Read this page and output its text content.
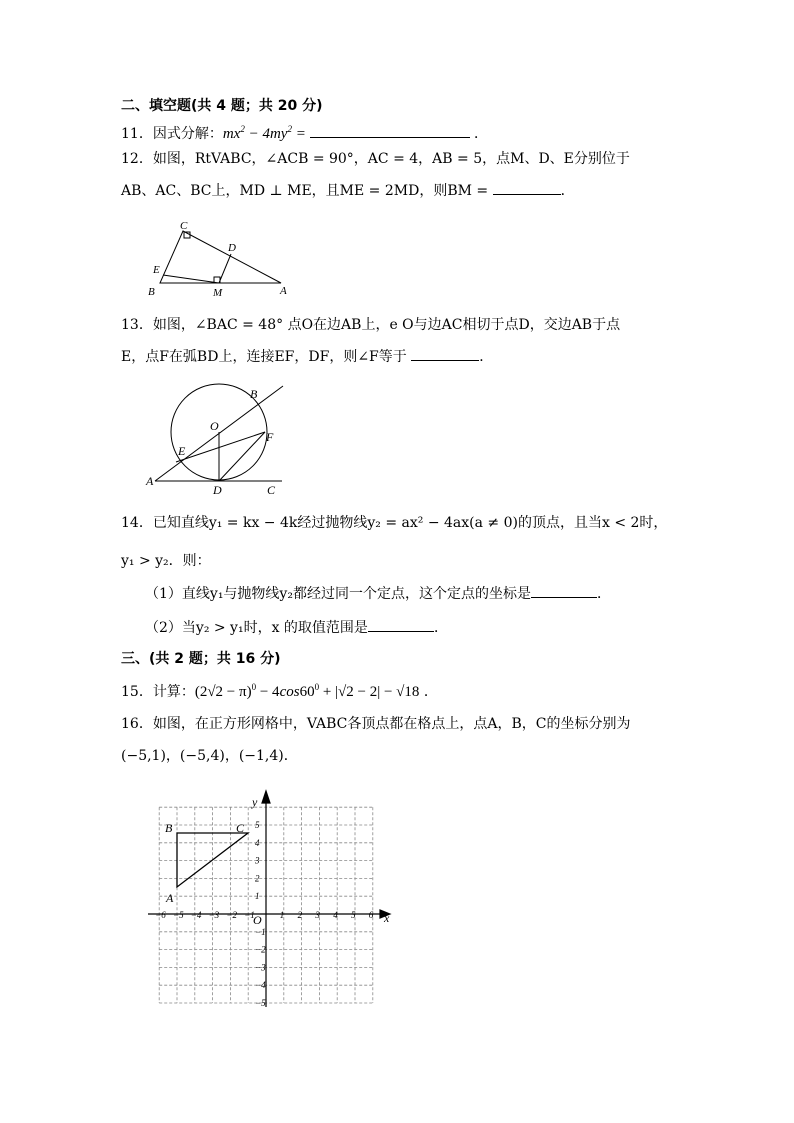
二、填空题(共 4 题；共 20 分)
11．因式分解：$mx^2 - 4my^2$ =	．
12．如图，RtVABC，∠ACB = 90°，AC = 4，AB = 5，点M、D、E分别位于
AB、AC、BC上，MD ⊥ ME，且ME = 2MD，则BM =	．
C
D
E
B	M	A
13．如图，∠BAC = 48° 点O在边AB上，e O与边AC相切于点D，交边AB于点
E，点F在弧BD上，连接EF，DF，则∠F等于	．
B
O
F
E
A
D	C
14．已知直线y₁ = kx − 4k经过抛物线y₂ = ax² − 4ax(a ≠ 0)的顶点，且当x < 2时，
y₁ > y₂．则：
（1）直线y₁与抛物线y₂都经过同一个定点，这个定点的坐标是	．
（2）当y₂ > y₁时，x 的取值范围是	．
三、(共 2 题；共 16 分)
15．计算：$(2√2 - \pi)^0 - 4\cos 60^0 + |√2 - 2| - √18$ ．
16．如图，在正方形网格中，VABC各顶点都在格点上，点A，B，C的坐标分别为
(−5,1)，(−5,4)，(−1,4)．
−6 −5 −4 −3 −2 −1	1 2 3 4 5 6
5
4
3
2
1
−1
−2
−3
−4
−5
x
y
O
A
B	C
